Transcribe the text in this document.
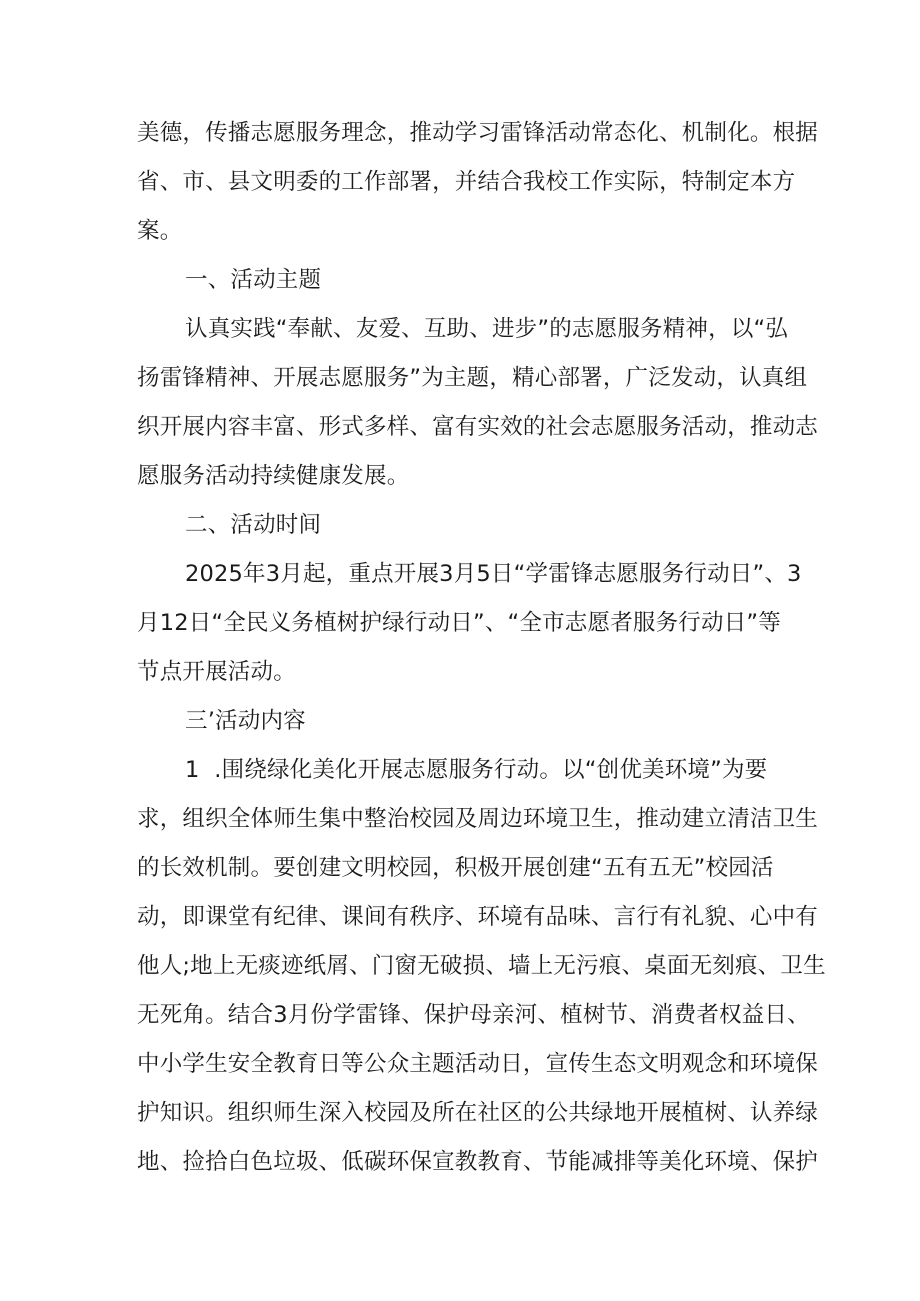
美德，传播志愿服务理念，推动学习雷锋活动常态化、机制化。根据
省、市、县文明委的工作部署，并结合我校工作实际，特制定本方
案。
一、活动主题
认真实践“奉献、友爱、互助、进步”的志愿服务精神，以“弘
扬雷锋精神、开展志愿服务”为主题，精心部署，广泛发动，认真组
织开展内容丰富、形式多样、富有实效的社会志愿服务活动，推动志
愿服务活动持续健康发展。
二、活动时间
2025年3月起，重点开展3月5日“学雷锋志愿服务行动日”、3
月12日“全民义务植树护绿行动日”、“全市志愿者服务行动日”等
节点开展活动。
三’活动内容
1  .围绕绿化美化开展志愿服务行动。以“创优美环境”为要
求，组织全体师生集中整治校园及周边环境卫生，推动建立清洁卫生
的长效机制。要创建文明校园，积极开展创建“五有五无”校园活
动，即课堂有纪律、课间有秩序、环境有品味、言行有礼貌、心中有
他人;地上无痰迹纸屑、门窗无破损、墙上无污痕、桌面无刻痕、卫生
无死角。结合3月份学雷锋、保护母亲河、植树节、消费者权益日、
中小学生安全教育日等公众主题活动日，宣传生态文明观念和环境保
护知识。组织师生深入校园及所在社区的公共绿地开展植树、认养绿
地、捡拾白色垃圾、低碳环保宣教教育、节能减排等美化环境、保护
